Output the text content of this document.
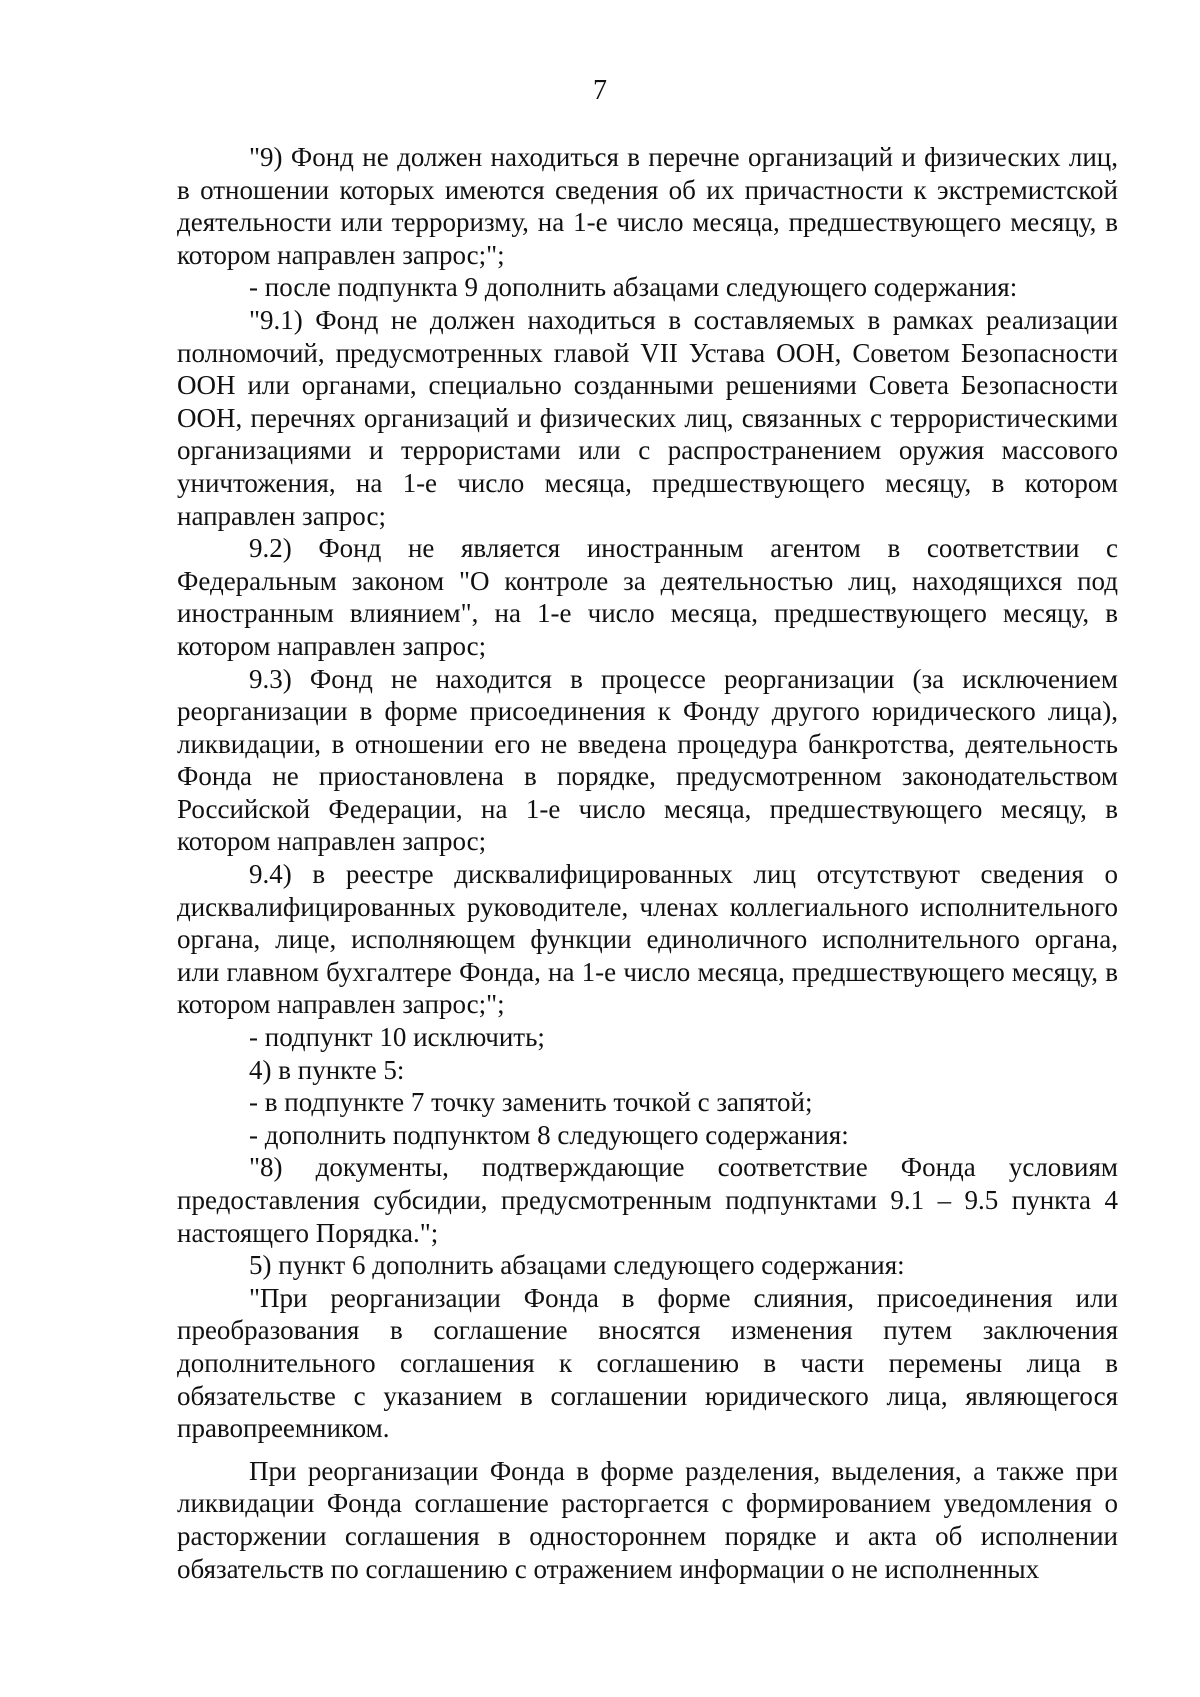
7

"9) Фонд не должен находиться в перечне организаций и физических лиц, в отношении которых имеются сведения об их причастности к экстремистской деятельности или терроризму, на 1-е число месяца, предшествующего месяцу, в котором направлен запрос;";

- после подпункта 9 дополнить абзацами следующего содержания:

"9.1) Фонд не должен находиться в составляемых в рамках реализации полномочий, предусмотренных главой VII Устава ООН, Советом Безопасности ООН или органами, специально созданными решениями Совета Безопасности ООН, перечнях организаций и физических лиц, связанных с террористическими организациями и террористами или с распространением оружия массового уничтожения, на 1-е число месяца, предшествующего месяцу, в котором направлен запрос;

9.2) Фонд не является иностранным агентом в соответствии с Федеральным законом "О контроле за деятельностью лиц, находящихся под иностранным влиянием", на 1-е число месяца, предшествующего месяцу, в котором направлен запрос;

9.3) Фонд не находится в процессе реорганизации (за исключением реорганизации в форме присоединения к Фонду другого юридического лица), ликвидации, в отношении его не введена процедура банкротства, деятельность Фонда не приостановлена в порядке, предусмотренном законодательством Российской Федерации, на 1-е число месяца, предшествующего месяцу, в котором направлен запрос;

9.4) в реестре дисквалифицированных лиц отсутствуют сведения о дисквалифицированных руководителе, членах коллегиального исполнительного органа, лице, исполняющем функции единоличного исполнительного органа, или главном бухгалтере Фонда, на 1-е число месяца, предшествующего месяцу, в котором направлен запрос;";

- подпункт 10 исключить;

4) в пункте 5:

- в подпункте 7 точку заменить точкой с запятой;

- дополнить подпунктом 8 следующего содержания:

"8) документы, подтверждающие соответствие Фонда условиям предоставления субсидии, предусмотренным подпунктами 9.1 – 9.5 пункта 4 настоящего Порядка.";

5) пункт 6 дополнить абзацами следующего содержания:

"При реорганизации Фонда в форме слияния, присоединения или преобразования в соглашение вносятся изменения путем заключения дополнительного соглашения к соглашению в части перемены лица в обязательстве с указанием в соглашении юридического лица, являющегося правопреемником.

При реорганизации Фонда в форме разделения, выделения, а также при ликвидации Фонда соглашение расторгается с формированием уведомления о расторжении соглашения в одностороннем порядке и акта об исполнении обязательств по соглашению с отражением информации о не исполненных
